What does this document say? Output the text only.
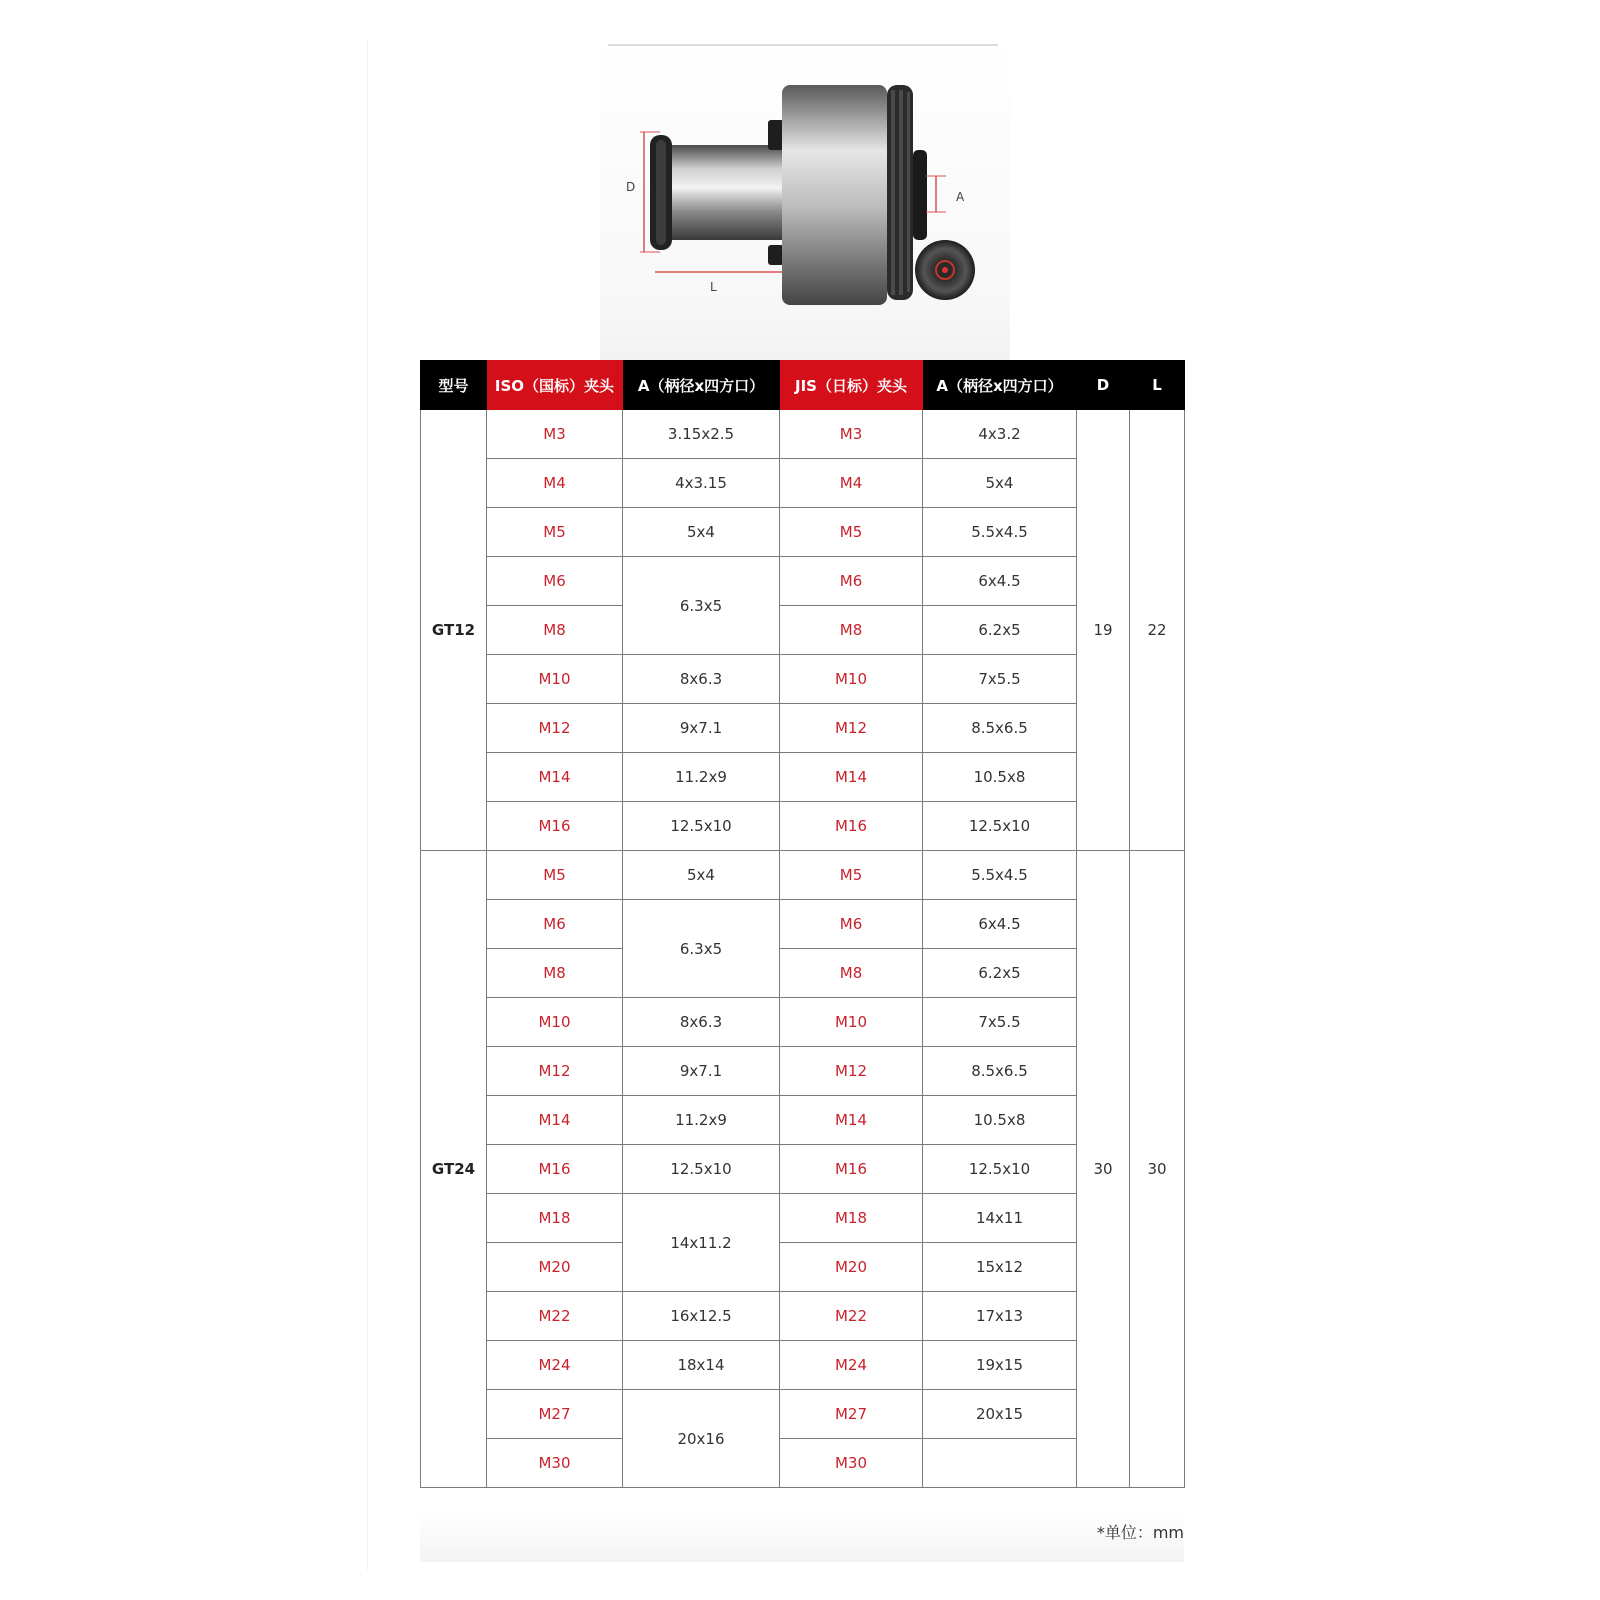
D
A
L
型号	ISO（国标）夹头	A（柄径x四方口）	JIS（日标）夹头	A（柄径x四方口）	D	L
GT12	M3	3.15x2.5	M3	4x3.2	19	22
	M4	4x3.15	M4	5x4		
	M5	5x4	M5	5.5x4.5		
	M6	6.3x5	M6	6x4.5		
	M8		M8	6.2x5		
	M10	8x6.3	M10	7x5.5		
	M12	9x7.1	M12	8.5x6.5		
	M14	11.2x9	M14	10.5x8		
	M16	12.5x10	M16	12.5x10		
GT24	M5	5x4	M5	5.5x4.5	30	30
	M6	6.3x5	M6	6x4.5		
	M8		M8	6.2x5		
	M10	8x6.3	M10	7x5.5		
	M12	9x7.1	M12	8.5x6.5		
	M14	11.2x9	M14	10.5x8		
	M16	12.5x10	M16	12.5x10		
	M18	14x11.2	M18	14x11		
	M20		M20	15x12		
	M22	16x12.5	M22	17x13		
	M24	18x14	M24	19x15		
	M27	20x16	M27	20x15		
	M30		M30			
*单位：mm
